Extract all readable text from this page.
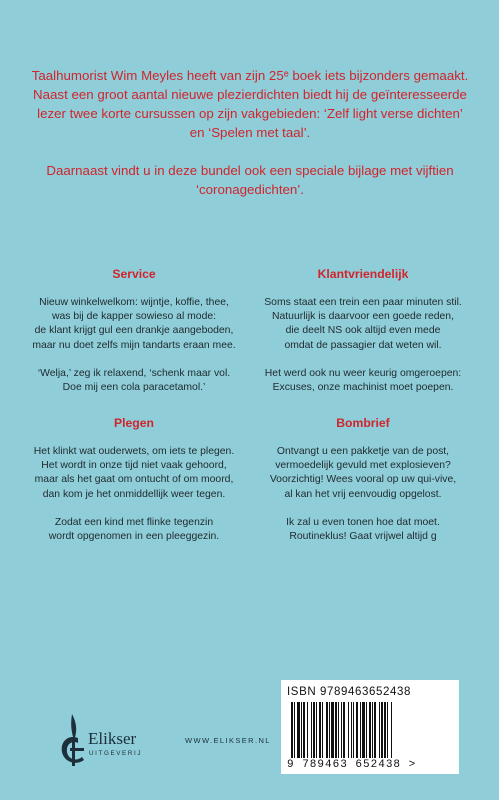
Taalhumorist Wim Meyles heeft van zijn 25ᵉ boek iets bijzonders gemaakt. Naast een groot aantal nieuwe plezierdichten biedt hij de geïnteresseerde lezer twee korte cursussen op zijn vakgebieden: ‘Zelf light verse dichten’ en ‘Spelen met taal’.

Daarnaast vindt u in deze bundel ook een speciale bijlage met vijftien ‘coronagedichten’.

Service

Nieuw winkelwelkom: wijntje, koffie, thee,
was bij de kapper sowieso al mode:
de klant krijgt gul een drankje aangeboden,
maar nu doet zelfs mijn tandarts eraan mee.

‘Welja,’ zeg ik relaxend, ‘schenk maar vol.
Doe mij een cola paracetamol.’

Klantvriendelijk

Soms staat een trein een paar minuten stil.
Natuurlijk is daarvoor een goede reden,
die deelt NS ook altijd even mede
omdat de passagier dat weten wil.

Het werd ook nu weer keurig omgeroepen:
Excuses, onze machinist moet poepen.

Plegen

Het klinkt wat ouderwets, om iets te plegen.
Het wordt in onze tijd niet vaak gehoord,
maar als het gaat om ontucht of om moord,
dan kom je het onmiddellijk weer tegen.

Zodat een kind met flinke tegenzin
wordt opgenomen in een pleeggezin.

Bombrief

Ontvangt u een pakketje van de post,
vermoedelijk gevuld met explosieven?
Voorzichtig! Wees vooral op uw qui-vive,
al kan het vrij eenvoudig opgelost.

Ik zal u even tonen hoe dat moet.
Routineklus! Gaat vrijwel altijd g

Elikser
UITGEVERIJ
WWW.ELIKSER.NL
ISBN 9789463652438
9 789463 652438 >
